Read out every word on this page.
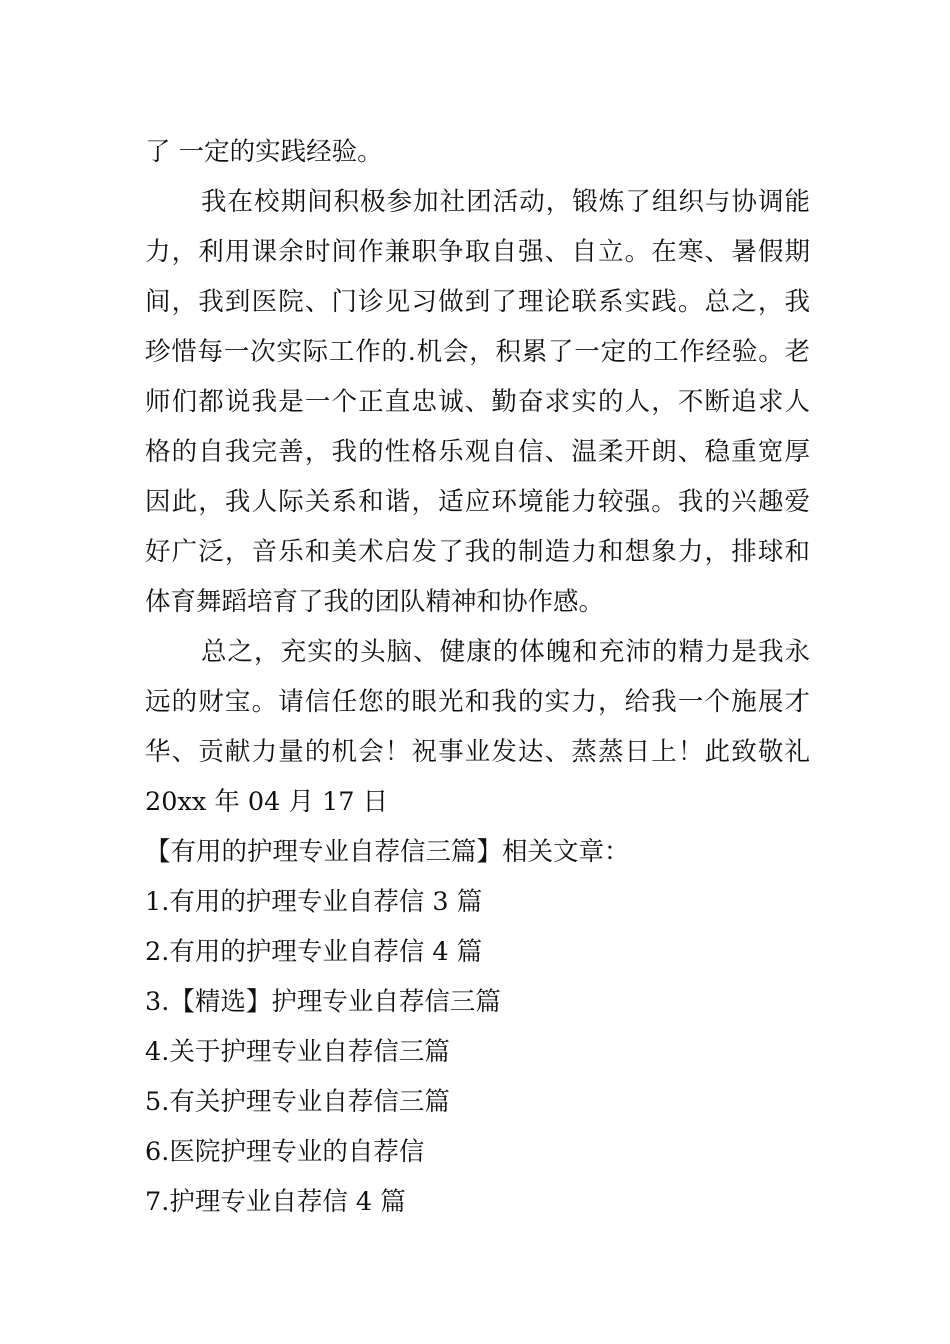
了 一定的实践经验。
我在校期间积极参加社团活动，锻炼了组织与协调能
力，利用课余时间作兼职争取自强、自立。在寒、暑假期
间，我到医院、门诊见习做到了理论联系实践。总之，我
珍惜每一次实际工作的.机会，积累了一定的工作经验。老
师们都说我是一个正直忠诚、勤奋求实的人，不断追求人
格的自我完善，我的性格乐观自信、温柔开朗、稳重宽厚
因此，我人际关系和谐，适应环境能力较强。我的兴趣爱
好广泛，音乐和美术启发了我的制造力和想象力，排球和
体育舞蹈培育了我的团队精神和协作感。
总之，充实的头脑、健康的体魄和充沛的精力是我永
远的财宝。请信任您的眼光和我的实力，给我一个施展才
华、贡献力量的机会！祝事业发达、蒸蒸日上！此致敬礼
20xx 年 04 月 17 日
【有用的护理专业自荐信三篇】相关文章：
1.有用的护理专业自荐信 3 篇
2.有用的护理专业自荐信 4 篇
3.【精选】护理专业自荐信三篇
4.关于护理专业自荐信三篇
5.有关护理专业自荐信三篇
6.医院护理专业的自荐信
7.护理专业自荐信 4 篇
